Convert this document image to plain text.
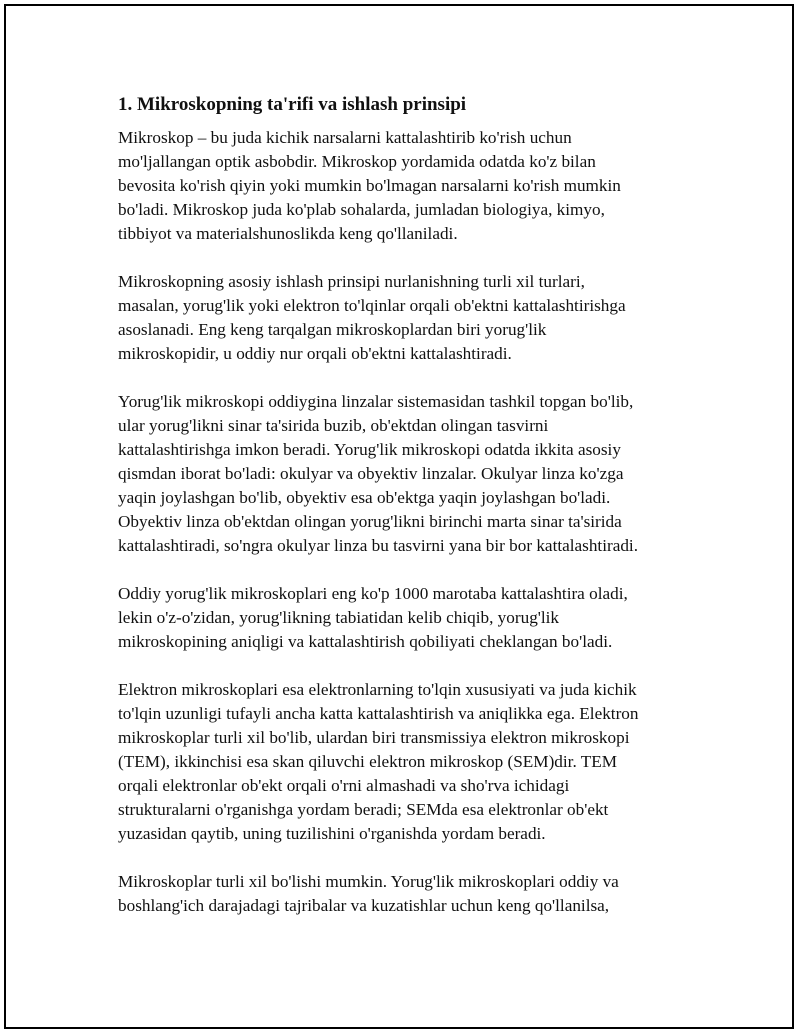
1. Mikroskopning ta'rifi va ishlash prinsipi

Mikroskop – bu juda kichik narsalarni kattalashtirib ko'rish uchun
mo'ljallangan optik asbobdir. Mikroskop yordamida odatda ko'z bilan
bevosita ko'rish qiyin yoki mumkin bo'lmagan narsalarni ko'rish mumkin
bo'ladi. Mikroskop juda ko'plab sohalarda, jumladan biologiya, kimyo,
tibbiyot va materialshunoslikda keng qo'llaniladi.

Mikroskopning asosiy ishlash prinsipi nurlanishning turli xil turlari,
masalan, yorug'lik yoki elektron to'lqinlar orqali ob'ektni kattalashtirishga
asoslanadi. Eng keng tarqalgan mikroskoplardan biri yorug'lik
mikroskopidir, u oddiy nur orqali ob'ektni kattalashtiradi.

Yorug'lik mikroskopi oddiygina linzalar sistemasidan tashkil topgan bo'lib,
ular yorug'likni sinar ta'sirida buzib, ob'ektdan olingan tasvirni
kattalashtirishga imkon beradi. Yorug'lik mikroskopi odatda ikkita asosiy
qismdan iborat bo'ladi: okulyar va obyektiv linzalar. Okulyar linza ko'zga
yaqin joylashgan bo'lib, obyektiv esa ob'ektga yaqin joylashgan bo'ladi.
Obyektiv linza ob'ektdan olingan yorug'likni birinchi marta sinar ta'sirida
kattalashtiradi, so'ngra okulyar linza bu tasvirni yana bir bor kattalashtiradi.

Oddiy yorug'lik mikroskoplari eng ko'p 1000 marotaba kattalashtira oladi,
lekin o'z-o'zidan, yorug'likning tabiatidan kelib chiqib, yorug'lik
mikroskopining aniqligi va kattalashtirish qobiliyati cheklangan bo'ladi.

Elektron mikroskoplari esa elektronlarning to'lqin xususiyati va juda kichik
to'lqin uzunligi tufayli ancha katta kattalashtirish va aniqlikka ega. Elektron
mikroskoplar turli xil bo'lib, ulardan biri transmissiya elektron mikroskopi
(TEM), ikkinchisi esa skan qiluvchi elektron mikroskop (SEM)dir. TEM
orqali elektronlar ob'ekt orqali o'rni almashadi va sho'rva ichidagi
strukturalarni o'rganishga yordam beradi; SEMda esa elektronlar ob'ekt
yuzasidan qaytib, uning tuzilishini o'rganishda yordam beradi.

Mikroskoplar turli xil bo'lishi mumkin. Yorug'lik mikroskoplari oddiy va
boshlang'ich darajadagi tajribalar va kuzatishlar uchun keng qo'llanilsa,
